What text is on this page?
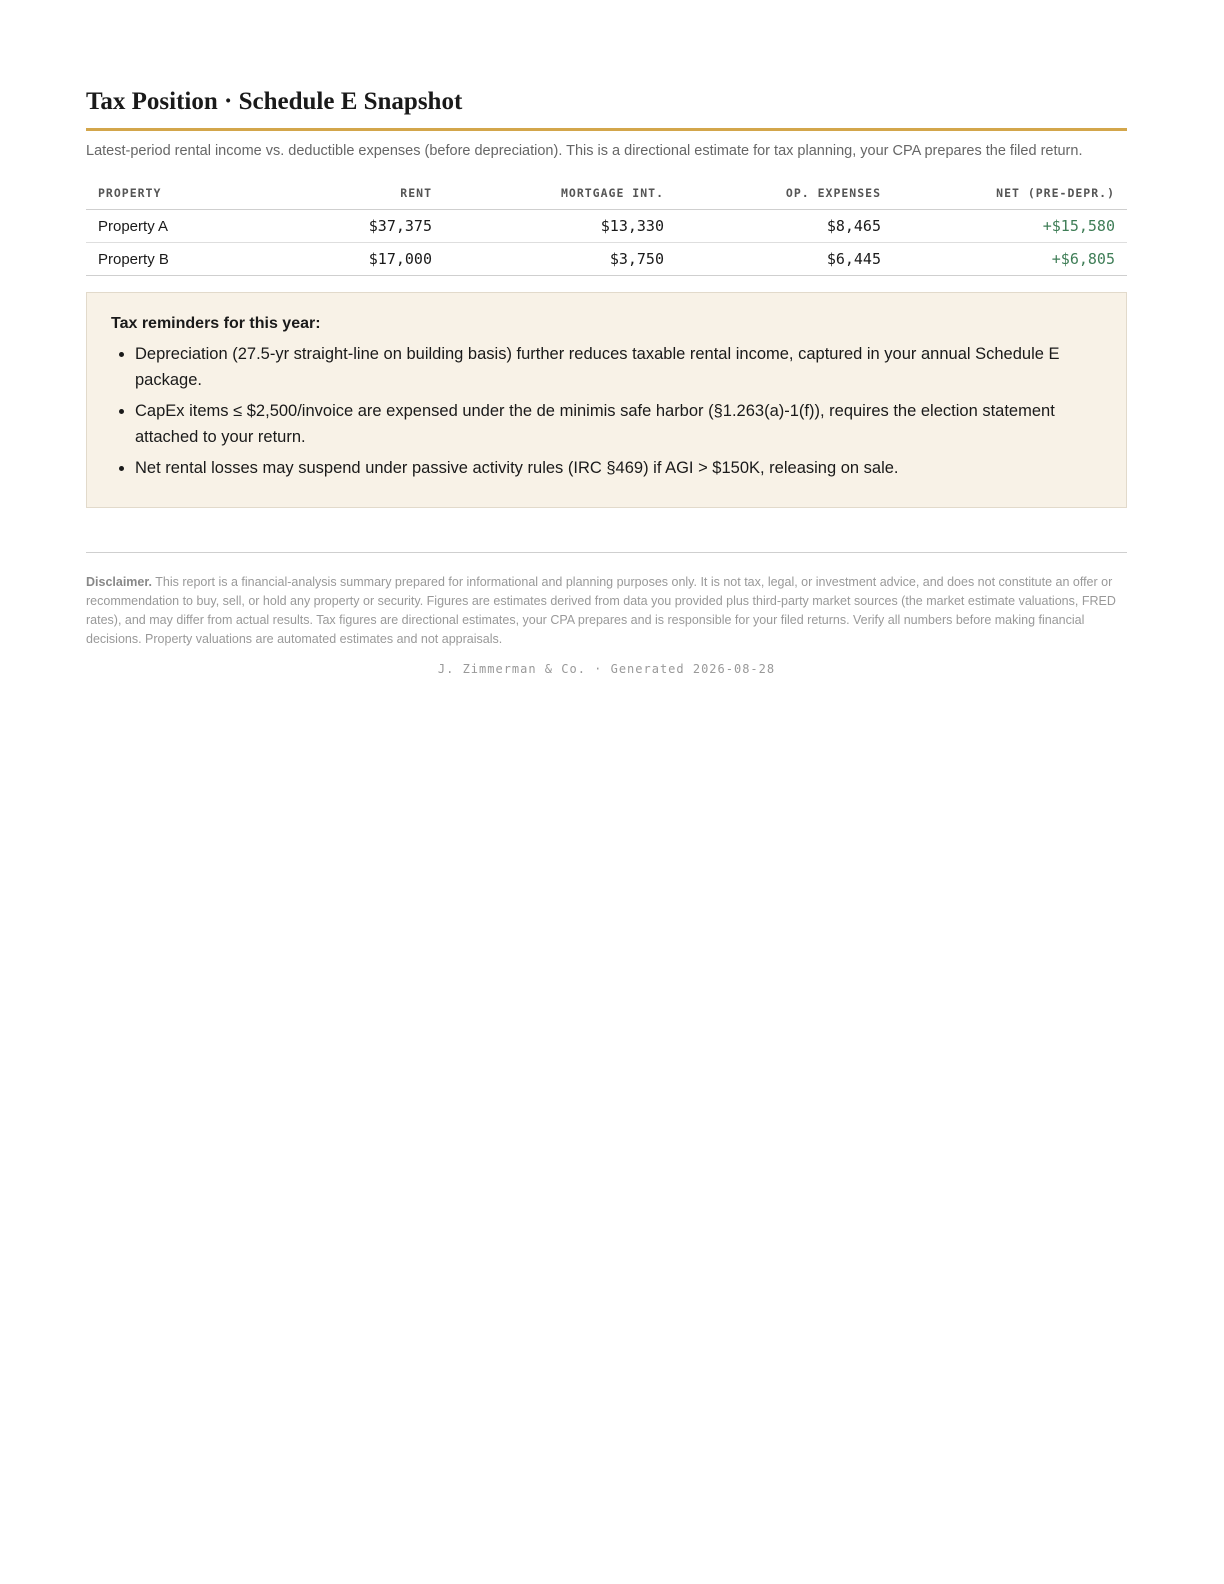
Tax Position · Schedule E Snapshot

Latest-period rental income vs. deductible expenses (before depreciation). This is a directional estimate for tax planning, your CPA prepares the filed return.

PROPERTY	RENT	MORTGAGE INT.	OP. EXPENSES	NET (PRE-DEPR.)
Property A	$37,375	$13,330	$8,465	+$15,580
Property B	$17,000	$3,750	$6,445	+$6,805
Tax reminders for this year:
• Depreciation (27.5-yr straight-line on building basis) further reduces taxable rental income, captured in your annual Schedule E package.
• CapEx items ≤ $2,500/invoice are expensed under the de minimis safe harbor (§1.263(a)-1(f)), requires the election statement attached to your return.
• Net rental losses may suspend under passive activity rules (IRC §469) if AGI > $150K, releasing on sale.
Disclaimer. This report is a financial-analysis summary prepared for informational and planning purposes only. It is not tax, legal, or investment advice, and does not constitute an offer or recommendation to buy, sell, or hold any property or security. Figures are estimates derived from data you provided plus third-party market sources (the market estimate valuations, FRED rates), and may differ from actual results. Tax figures are directional estimates, your CPA prepares and is responsible for your filed returns. Verify all numbers before making financial decisions. Property valuations are automated estimates and not appraisals.
J. Zimmerman & Co. · Generated 2026-08-28
